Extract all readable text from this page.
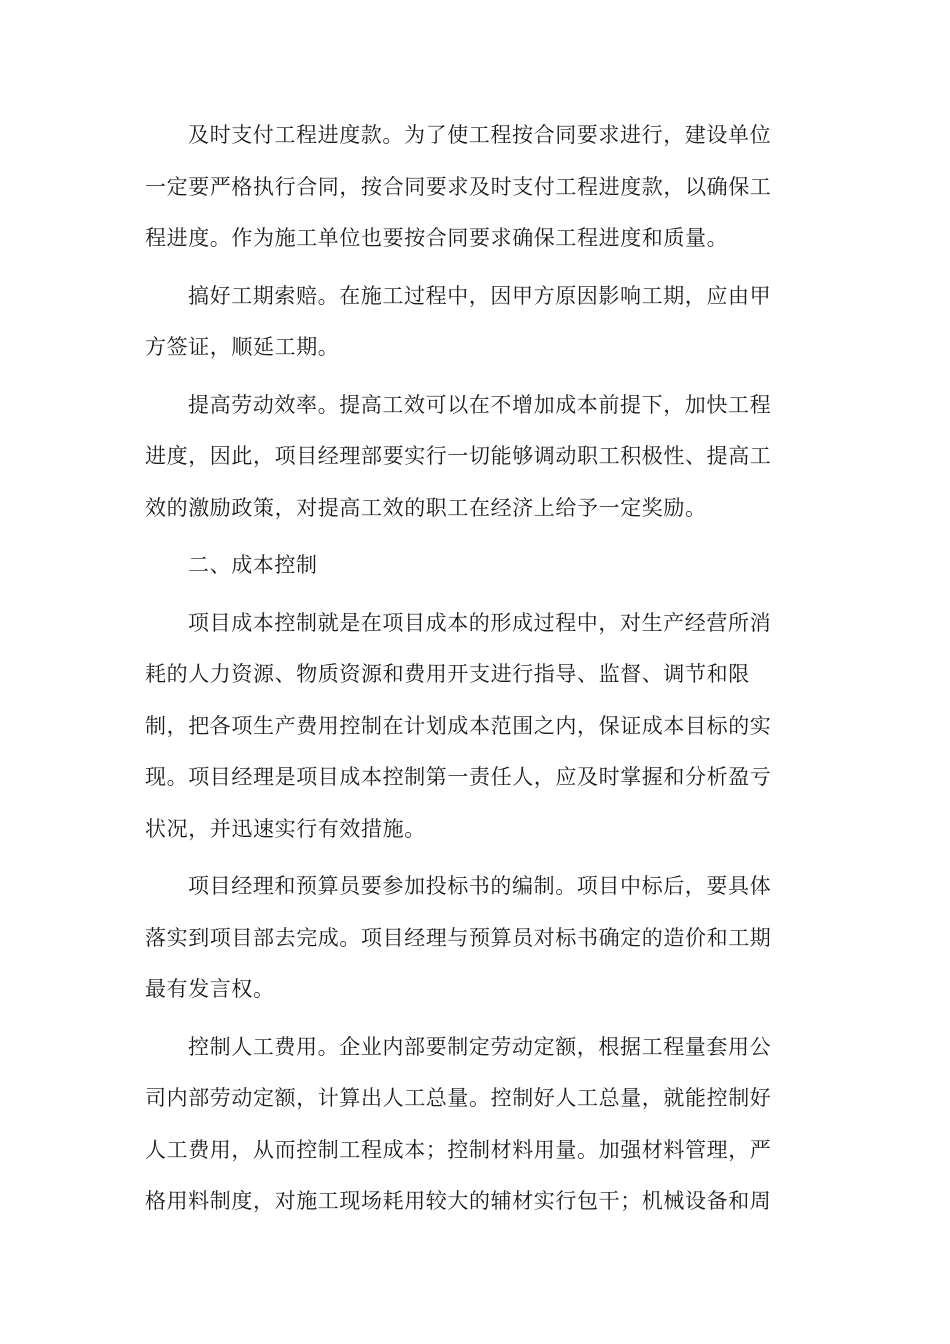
及时支付工程进度款。为了使工程按合同要求进行，建设单位
一定要严格执行合同，按合同要求及时支付工程进度款，以确保工
程进度。作为施工单位也要按合同要求确保工程进度和质量。
搞好工期索赔。在施工过程中，因甲方原因影响工期，应由甲
方签证，顺延工期。
提高劳动效率。提高工效可以在不增加成本前提下，加快工程
进度，因此，项目经理部要实行一切能够调动职工积极性、提高工
效的激励政策，对提高工效的职工在经济上给予一定奖励。
二、成本控制
项目成本控制就是在项目成本的形成过程中，对生产经营所消
耗的人力资源、物质资源和费用开支进行指导、监督、调节和限
制，把各项生产费用控制在计划成本范围之内，保证成本目标的实
现。项目经理是项目成本控制第一责任人，应及时掌握和分析盈亏
状况，并迅速实行有效措施。
项目经理和预算员要参加投标书的编制。项目中标后，要具体
落实到项目部去完成。项目经理与预算员对标书确定的造价和工期
最有发言权。
控制人工费用。企业内部要制定劳动定额，根据工程量套用公
司内部劳动定额，计算出人工总量。控制好人工总量，就能控制好
人工费用，从而控制工程成本；控制材料用量。加强材料管理，严
格用料制度，对施工现场耗用较大的辅材实行包干；机械设备和周
